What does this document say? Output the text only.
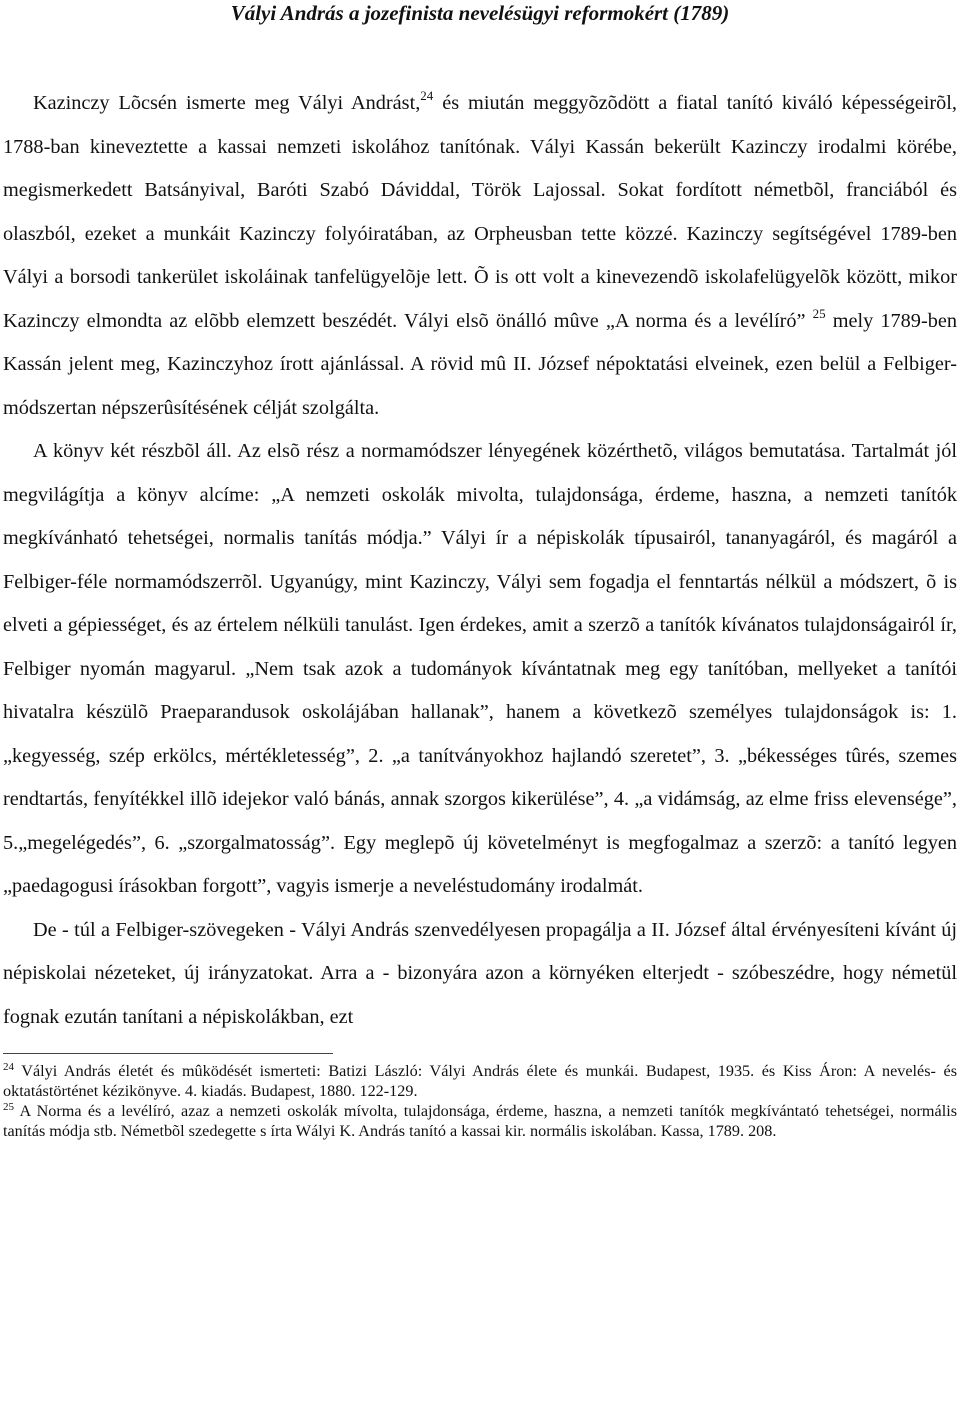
Vályi András a jozefinista nevelésügyi reformokért (1789)

Kazinczy Lõcsén ismerte meg Vályi Andrást,$^{24}$ és miután meggyõzõdött a fiatal tanító kiváló képességeirõl, 1788-ban kineveztette a kassai nemzeti iskolához tanítónak. Vályi Kassán bekerült Kazinczy irodalmi körébe, megismerkedett Batsányival, Baróti Szabó Dáviddal, Török Lajossal. Sokat fordított németbõl, franciából és olaszból, ezeket a munkáit Kazinczy folyóiratában, az Orpheusban tette közzé. Kazinczy segítségével 1789-ben Vályi a borsodi tankerület iskoláinak tanfelügyelõje lett. Õ is ott volt a kinevezendõ iskolafelügyelõk között, mikor Kazinczy elmondta az elõbb elemzett beszédét. Vályi elsõ önálló mûve „A norma és a levélíró” $^{25}$ mely 1789-ben Kassán jelent meg, Kazinczyhoz írott ajánlással. A rövid mû II. József népoktatási elveinek, ezen belül a Felbiger-módszertan népszerûsítésének célját szolgálta.

A könyv két részbõl áll. Az elsõ rész a normamódszer lényegének közérthetõ, világos bemutatása. Tartalmát jól megvilágítja a könyv alcíme: „A nemzeti oskolák mivolta, tulajdonsága, érdeme, haszna, a nemzeti tanítók megkívánható tehetségei, normalis tanítás módja.” Vályi ír a népiskolák típusairól, tananyagáról, és magáról a Felbiger-féle normamódszerrõl. Ugyanúgy, mint Kazinczy, Vályi sem fogadja el fenntartás nélkül a módszert, õ is elveti a gépiességet, és az értelem nélküli tanulást. Igen érdekes, amit a szerzõ a tanítók kívánatos tulajdonságairól ír, Felbiger nyomán magyarul. „Nem tsak azok a tudományok kívántatnak meg egy tanítóban, mellyeket a tanítói hivatalra készülõ Praeparandusok oskolájában hallanak”, hanem a következõ személyes tulajdonságok is: 1. „kegyesség, szép erkölcs, mértékletesség”, 2. „a tanítványokhoz hajlandó szeretet”, 3. „békességes tûrés, szemes rendtartás, fenyítékkel illõ idejekor való bánás, annak szorgos kikerülése”, 4. „a vidámság, az elme friss elevensége”, 5.„megelégedés”, 6. „szorgalmatosság”. Egy meglepõ új követelményt is megfogalmaz a szerzõ: a tanító legyen „paedagogusi írásokban forgott”, vagyis ismerje a neveléstudomány irodalmát.

De - túl a Felbiger-szövegeken - Vályi András szenvedélyesen propagálja a II. József által érvényesíteni kívánt új népiskolai nézeteket, új irányzatokat. Arra a - bizonyára azon a környéken elterjedt - szóbeszédre, hogy németül fognak ezután tanítani a népiskolákban, ezt

$^{24}$ Vályi András életét és mûködését ismerteti: Batizi László: Vályi András élete és munkái. Budapest, 1935. és Kiss Áron: A nevelés- és oktatástörténet kézikönyve. 4. kiadás. Budapest, 1880. 122-129.

$^{25}$ A Norma és a levélíró, azaz a nemzeti oskolák mívolta, tulajdonsága, érdeme, haszna, a nemzeti tanítók megkívántató tehetségei, normális tanítás módja stb. Németbõl szedegette s írta Wályi K. András tanító a kassai kir. normális iskolában. Kassa, 1789. 208.
